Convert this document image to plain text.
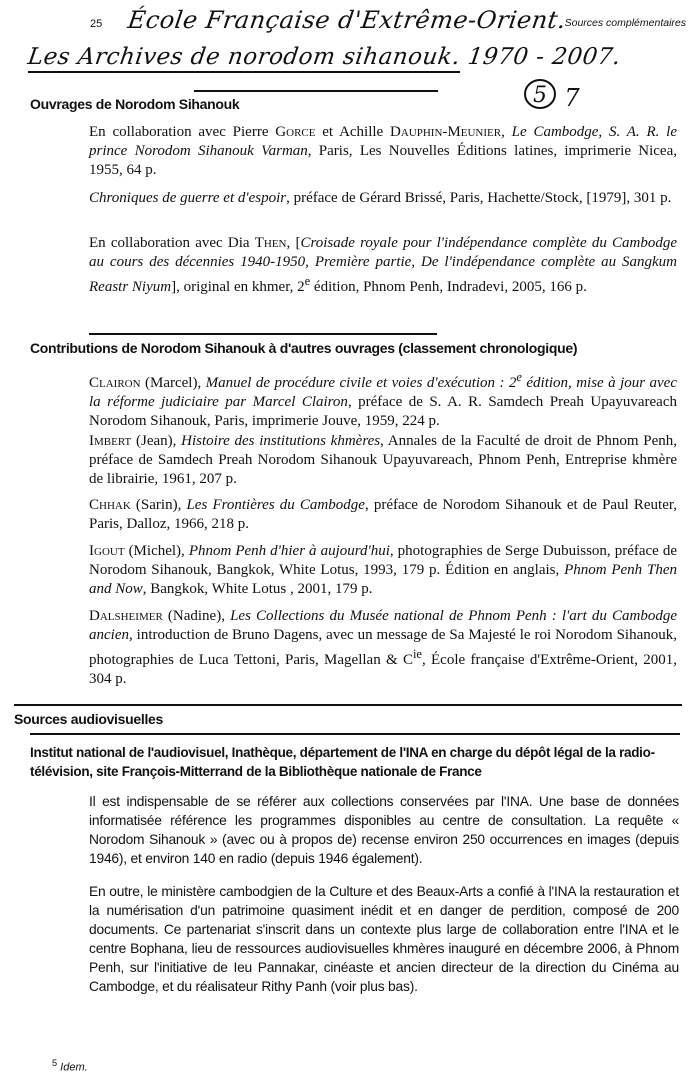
25	Sources complémentaires
École Française d'Extrême-Orient.
Les Archives de norodom sihanouk. 1970 - 2007.
5 7
Ouvrages de Norodom Sihanouk
En collaboration avec Pierre Gorce et Achille Dauphin-Meunier, Le Cambodge, S. A. R. le prince Norodom Sihanouk Varman, Paris, Les Nouvelles Éditions latines, imprimerie Nicea, 1955, 64 p.
Chroniques de guerre et d'espoir, préface de Gérard Brissé, Paris, Hachette/Stock, [1979], 301 p.
En collaboration avec Dia Then, [Croisade royale pour l'indépendance complète du Cambodge au cours des décennies 1940-1950, Première partie, De l'indépendance complète au Sangkum Reastr Niyum], original en khmer, 2e édition, Phnom Penh, Indradevi, 2005, 166 p.
Contributions de Norodom Sihanouk à d'autres ouvrages (classement chronologique)
Clairon (Marcel), Manuel de procédure civile et voies d'exécution : 2e édition, mise à jour avec la réforme judiciaire par Marcel Clairon, préface de S. A. R. Samdech Preah Upayuvareach Norodom Sihanouk, Paris, imprimerie Jouve, 1959, 224 p.
Imbert (Jean), Histoire des institutions khmères, Annales de la Faculté de droit de Phnom Penh, préface de Samdech Preah Norodom Sihanouk Upayuvareach, Phnom Penh, Entreprise khmère de librairie, 1961, 207 p.
Chhak (Sarin), Les Frontières du Cambodge, préface de Norodom Sihanouk et de Paul Reuter, Paris, Dalloz, 1966, 218 p.
Igout (Michel), Phnom Penh d'hier à aujourd'hui, photographies de Serge Dubuisson, préface de Norodom Sihanouk, Bangkok, White Lotus, 1993, 179 p. Édition en anglais, Phnom Penh Then and Now, Bangkok, White Lotus , 2001, 179 p.
Dalsheimer (Nadine), Les Collections du Musée national de Phnom Penh : l'art du Cambodge ancien, introduction de Bruno Dagens, avec un message de Sa Majesté le roi Norodom Sihanouk, photographies de Luca Tettoni, Paris, Magellan & $C^{ie}$, École française d'Extrême-Orient, 2001, 304 p.
Sources audiovisuelles
Institut national de l'audiovisuel, Inathèque, département de l'INA en charge du dépôt légal de la radio-télévision, site François-Mitterrand de la Bibliothèque nationale de France
Il est indispensable de se référer aux collections conservées par l'INA. Une base de données informatisée référence les programmes disponibles au centre de consultation. La requête « Norodom Sihanouk » (avec ou à propos de) recense environ 250 occurrences en images (depuis 1946), et environ 140 en radio (depuis 1946 également).
En outre, le ministère cambodgien de la Culture et des Beaux-Arts a confié à l'INA la restauration et la numérisation d'un patrimoine quasiment inédit et en danger de perdition, composé de 200 documents. Ce partenariat s'inscrit dans un contexte plus large de collaboration entre l'INA et le centre Bophana, lieu de ressources audiovisuelles khmères inauguré en décembre 2006, à Phnom Penh, sur l'initiative de Ieu Pannakar, cinéaste et ancien directeur de la direction du Cinéma au Cambodge, et du réalisateur Rithy Panh (voir plus bas).
$^5$ Idem.
